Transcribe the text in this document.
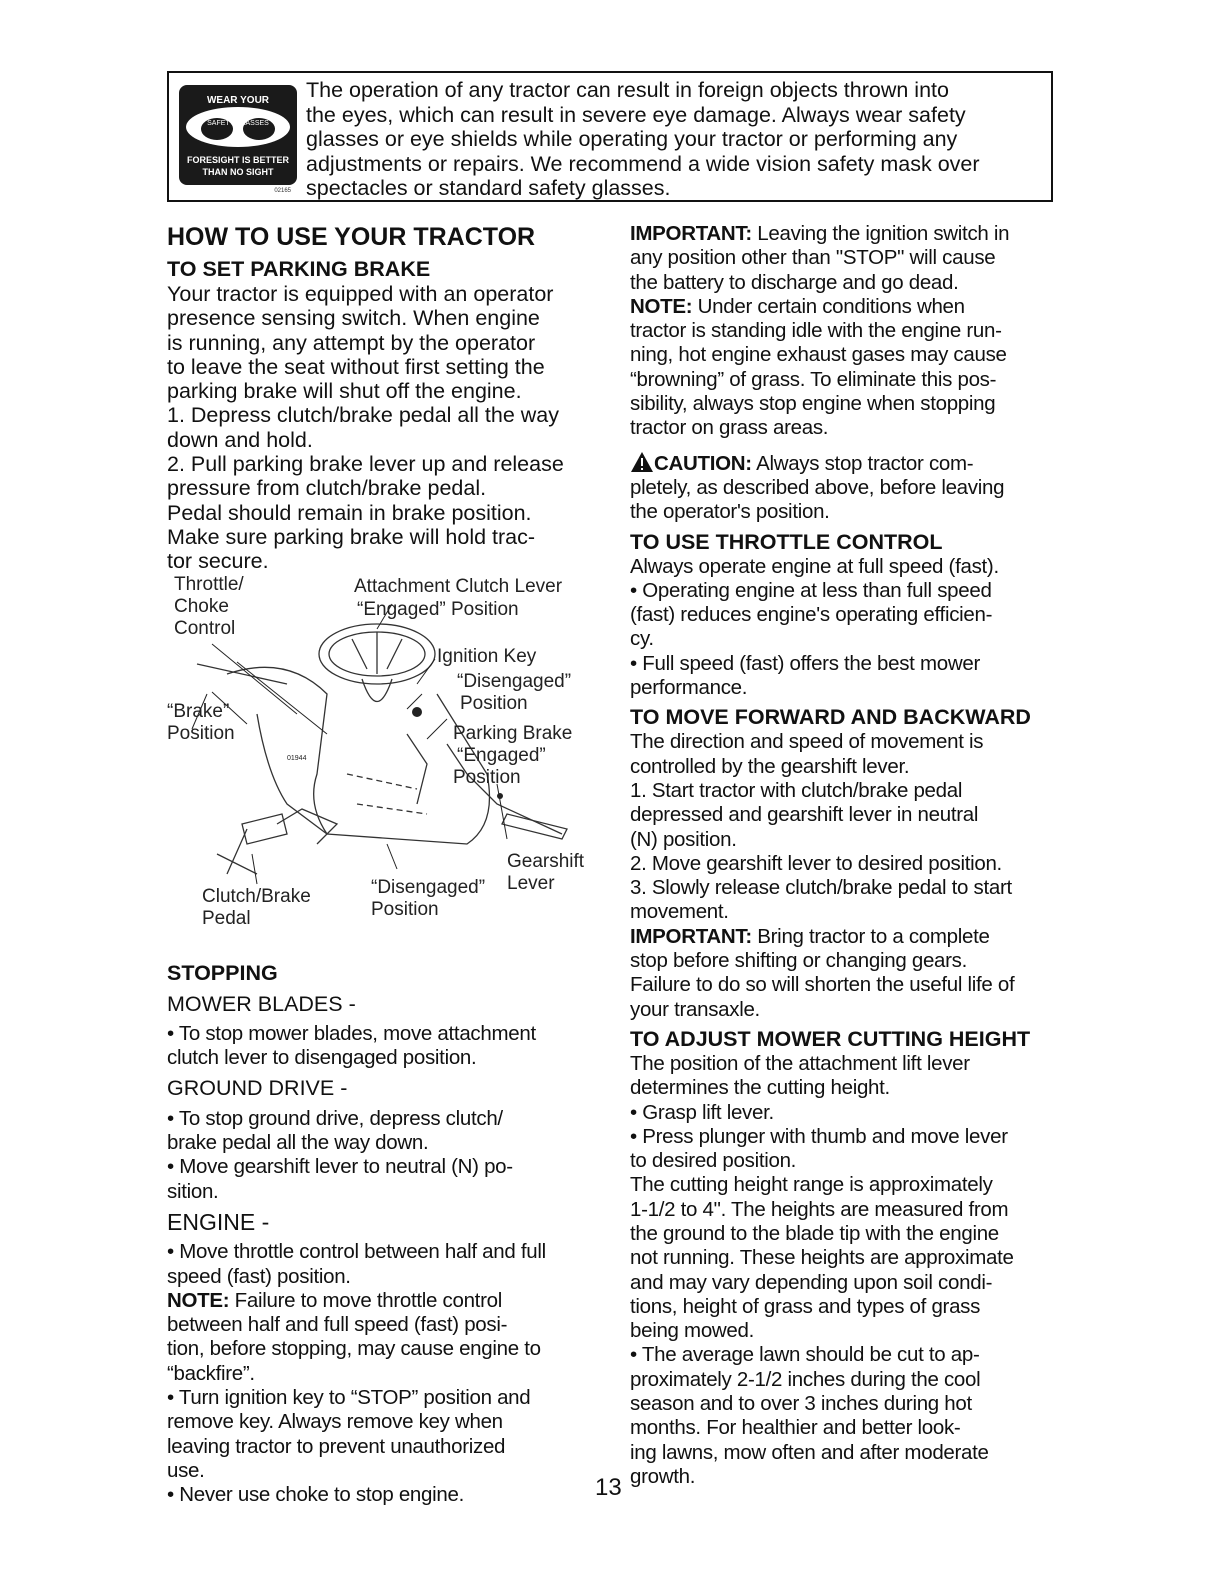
WEAR YOUR
SAFETY GLASSES
FORESIGHT IS BETTER
THAN NO SIGHT
02165
The operation of any tractor can result in foreign objects thrown into
the eyes, which can result in severe eye damage. Always wear safety
glasses or eye shields while operating your tractor or performing any
adjustments or repairs. We recommend a wide vision safety mask over
spectacles or standard safety glasses.

HOW TO USE YOUR TRACTOR

TO SET PARKING BRAKE

Your tractor is equipped with an operator

presence sensing switch. When engine

is running, any attempt by the operator

to leave the seat without first setting the

parking brake will shut off the engine.

1. Depress clutch/brake pedal all the way

down and hold.

2. Pull parking brake lever up and release

pressure from clutch/brake pedal.

Pedal should remain in brake position.

Make sure parking brake will hold trac-

tor secure.

STOPPING

MOWER BLADES -

• To stop mower blades, move attachment

clutch lever to disengaged position.

GROUND DRIVE -

• To stop ground drive, depress clutch/

brake pedal all the way down.

• Move gearshift lever to neutral (N) po-

sition.

ENGINE -

• Move throttle control between half and full

speed (fast) position.

NOTE: Failure to move throttle control

between half and full speed (fast) posi-

tion, before stopping, may cause engine to

“backfire”.

• Turn ignition key to “STOP” position and

remove key. Always remove key when

leaving tractor to prevent unauthorized

use.

• Never use choke to stop engine.

Throttle/ Choke Control
Attachment Clutch Lever “Engaged” Position
Ignition Key
“Disengaged” Position
“Brake” Position	Parking Brake “Engaged” Position
01944
Gearshift Lever
Clutch/Brake Pedal
“Disengaged” Position

IMPORTANT: Leaving the ignition switch in

any position other than "STOP" will cause

the battery to discharge and go dead.

NOTE: Under certain conditions when

tractor is standing idle with the engine run-

ning, hot engine exhaust gases may cause

“browning” of grass. To eliminate this pos-

sibility, always stop engine when stopping

tractor on grass areas.

CAUTION: Always stop tractor com-

pletely, as described above, before leaving

the operator's position.

TO USE THROTTLE CONTROL

Always operate engine at full speed (fast).

• Operating engine at less than full speed

(fast) reduces engine's operating efficien-

cy.

• Full speed (fast) offers the best mower

performance.

TO MOVE FORWARD AND BACKWARD

The direction and speed of movement is

controlled by the gearshift lever.

1. Start tractor with clutch/brake pedal

depressed and gearshift lever in neutral

(N) position.

2. Move gearshift lever to desired position.

3. Slowly release clutch/brake pedal to start

movement.

IMPORTANT: Bring tractor to a complete

stop before shifting or changing gears.

Failure to do so will shorten the useful life of

your transaxle.

TO ADJUST MOWER CUTTING HEIGHT

The position of the attachment lift lever

determines the cutting height.

• Grasp lift lever.

• Press plunger with thumb and move lever

to desired position.

The cutting height range is approximately

1-1/2 to 4". The heights are measured from

the ground to the blade tip with the engine

not running. These heights are approximate

and may vary depending upon soil condi-

tions, height of grass and types of grass

being mowed.

• The average lawn should be cut to ap-

proximately 2-1/2 inches during the cool

season and to over 3 inches during hot

months. For healthier and better look-

ing lawns, mow often and after moderate

growth.

13
